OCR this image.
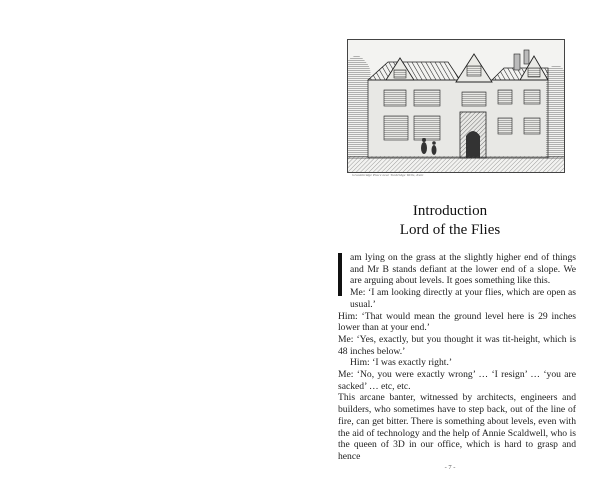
Groombridge Place near Tunbridge Wells, Kent
Introduction
Lord of the Flies

am lying on the grass at the slightly higher end of things and Mr B stands defiant at the lower end of a slope. We are arguing about levels. It goes something like this.

Me: ‘I am looking directly at your flies, which are open as usual.’

Him: ‘That would mean the ground level here is 29 inches lower than at your end.’

Me: ‘Yes, exactly, but you thought it was tit-height, which is 48 inches below.’

Him: ‘I was exactly right.’

Me: ‘No, you were exactly wrong’ … ‘I resign’ … ‘you are sacked’ … etc, etc.

This arcane banter, witnessed by architects, engineers and builders, who sometimes have to step back, out of the line of fire, can get bitter. There is something about levels, even with the aid of technology and the help of Annie Scaldwell, who is the queen of 3D in our office, which is hard to grasp and hence

- 7 -
